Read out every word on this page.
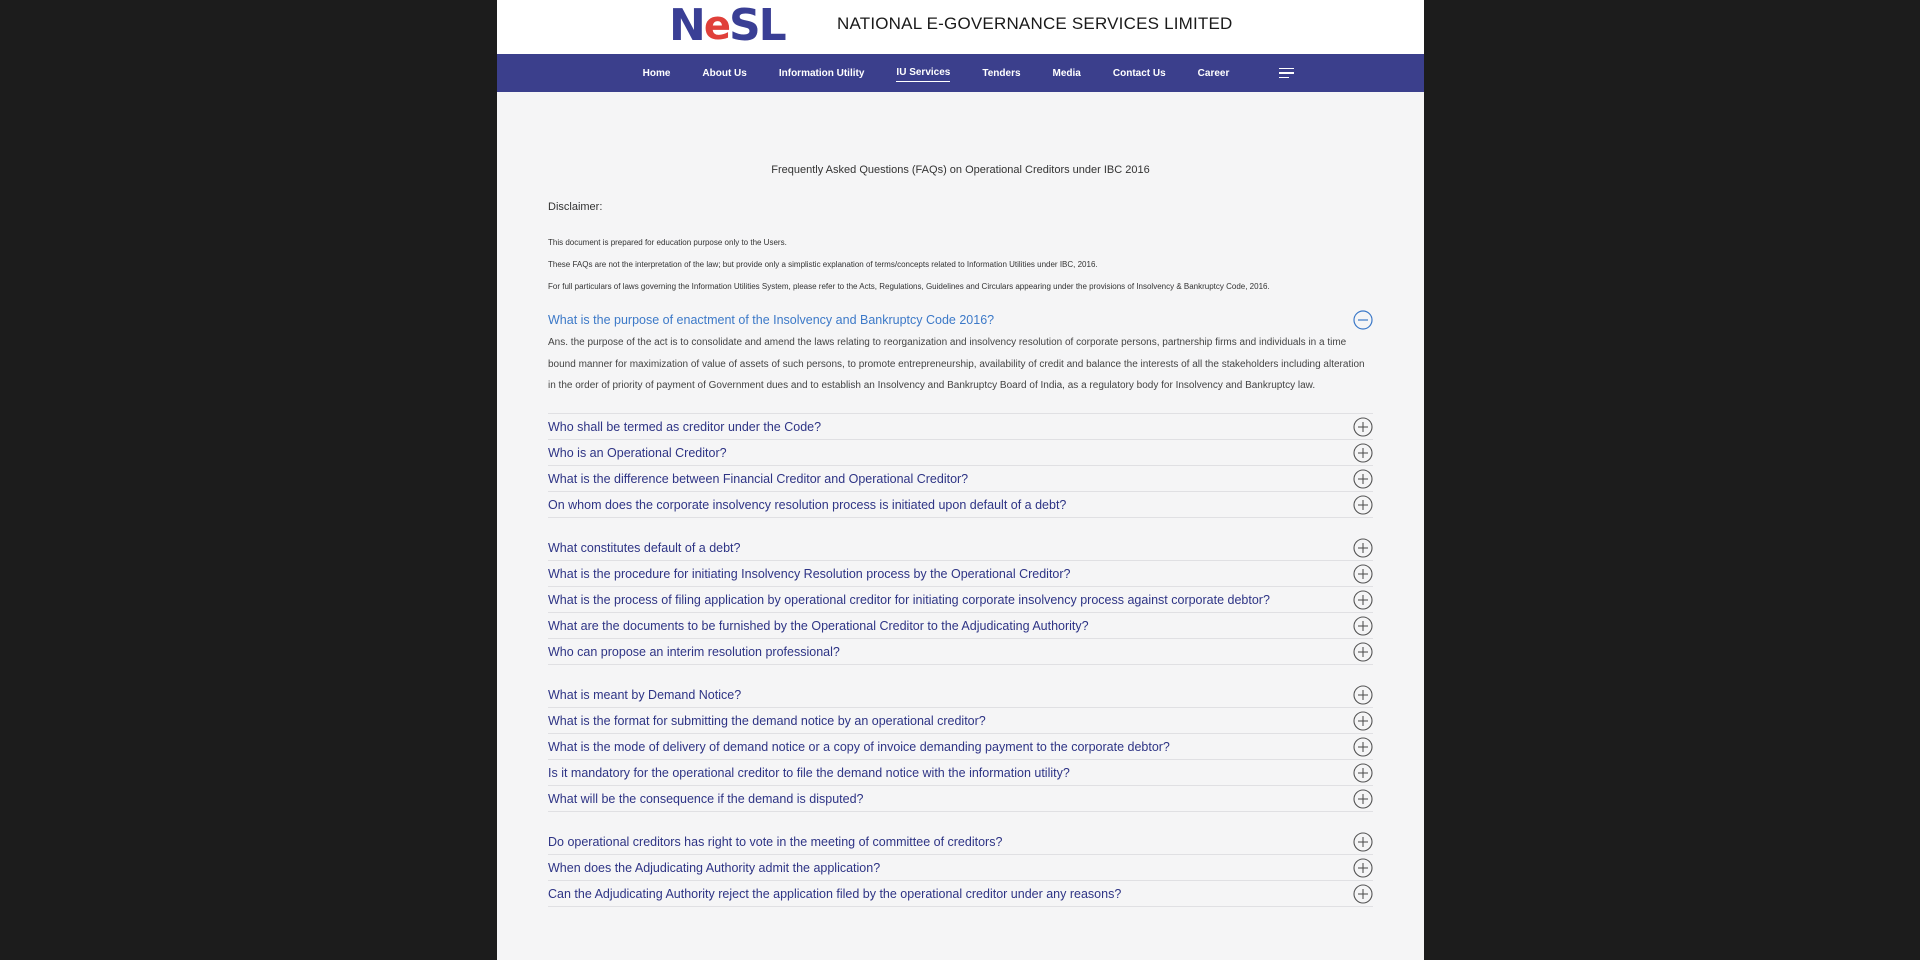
N e SL	NATIONAL E-GOVERNANCE SERVICES LIMITED
Home	About Us	Information Utility	IU Services	Tenders	Media	Contact Us	Career
Frequently Asked Questions (FAQs) on Operational Creditors under IBC 2016
Disclaimer:
This document is prepared for education purpose only to the Users.
These FAQs are not the interpretation of the law; but provide only a simplistic explanation of terms/concepts related to Information Utilities under IBC, 2016.
For full particulars of laws governing the Information Utilities System, please refer to the Acts, Regulations, Guidelines and Circulars appearing under the provisions of Insolvency & Bankruptcy Code, 2016.
What is the purpose of enactment of the Insolvency and Bankruptcy Code 2016?
Ans. the purpose of the act is to consolidate and amend the laws relating to reorganization and insolvency resolution of corporate persons, partnership firms and individuals in a time bound manner for maximization of value of assets of such persons, to promote entrepreneurship, availability of credit and balance the interests of all the stakeholders including alteration in the order of priority of payment of Government dues and to establish an Insolvency and Bankruptcy Board of India, as a regulatory body for Insolvency and Bankruptcy law.
Who shall be termed as creditor under the Code?
Who is an Operational Creditor?
What is the difference between Financial Creditor and Operational Creditor?
On whom does the corporate insolvency resolution process is initiated upon default of a debt?
What constitutes default of a debt?
What is the procedure for initiating Insolvency Resolution process by the Operational Creditor?
What is the process of filing application by operational creditor for initiating corporate insolvency process against corporate debtor?
What are the documents to be furnished by the Operational Creditor to the Adjudicating Authority?
Who can propose an interim resolution professional?
What is meant by Demand Notice?
What is the format for submitting the demand notice by an operational creditor?
What is the mode of delivery of demand notice or a copy of invoice demanding payment to the corporate debtor?
Is it mandatory for the operational creditor to file the demand notice with the information utility?
What will be the consequence if the demand is disputed?
Do operational creditors has right to vote in the meeting of committee of creditors?
When does the Adjudicating Authority admit the application?
Can the Adjudicating Authority reject the application filed by the operational creditor under any reasons?
